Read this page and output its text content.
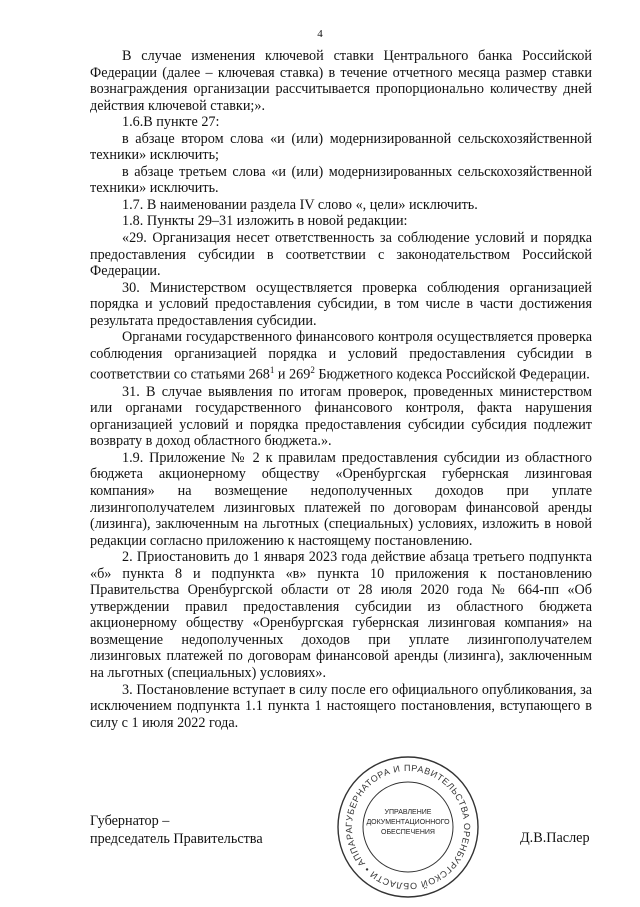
4

В случае изменения ключевой ставки Центрального банка Российской Федерации (далее – ключевая ставка) в течение отчетного месяца размер ставки вознаграждения организации рассчитывается пропорционально количеству дней действия ключевой ставки;».

1.6.В пункте 27:

в абзаце втором слова «и (или) модернизированной сельскохозяйственной техники» исключить;

в абзаце третьем слова «и (или) модернизированных сельскохозяйственной техники» исключить.

1.7. В наименовании раздела IV слово «, цели» исключить.

1.8. Пункты 29–31 изложить в новой редакции:

«29. Организация несет ответственность за соблюдение условий и порядка предоставления субсидии в соответствии с законодательством Российской Федерации.

30. Министерством осуществляется проверка соблюдения организацией порядка и условий предоставления субсидии, в том числе в части достижения результата предоставления субсидии.

Органами государственного финансового контроля осуществляется проверка соблюдения организацией порядка и условий предоставления субсидии в соответствии со статьями $268^1$ и $269^2$ Бюджетного кодекса Российской Федерации.

31. В случае выявления по итогам проверок, проведенных министерством или органами государственного финансового контроля, факта нарушения организацией условий и порядка предоставления субсидии субсидия подлежит возврату в доход областного бюджета.».

1.9. Приложение № 2 к правилам предоставления субсидии из областного бюджета акционерному обществу «Оренбургская губернская лизинговая компания» на возмещение недополученных доходов при уплате лизингополучателем лизинговых платежей по договорам финансовой аренды (лизинга), заключенным на льготных (специальных) условиях, изложить в новой редакции согласно приложению к настоящему постановлению.

2. Приостановить до 1 января 2023 года действие абзаца третьего подпункта «б» пункта 8 и подпункта «в» пункта 10 приложения к постановлению Правительства Оренбургской области от 28 июля 2020 года № 664-пп «Об утверждении правил предоставления субсидии из областного бюджета акционерному обществу «Оренбургская губернская лизинговая компания» на возмещение недополученных доходов при уплате лизингополучателем лизинговых платежей по договорам финансовой аренды (лизинга), заключенным на льготных (специальных) условиях».

3. Постановление вступает в силу после его официального опубликования, за исключением подпункта 1.1 пункта 1 настоящего постановления, вступающего в силу с 1 июля 2022 года.

Губернатор –
председатель Правительства	Д.В.Паслер
ГУБЕРНАТОРА И ПРАВИТЕЛЬСТВА ОРЕНБУРГСКОЙ ОБЛАСТИ • АППАРА
УПРАВЛЕНИЕ
ДОКУМЕНТАЦИОННОГО
ОБЕСПЕЧЕНИЯ
